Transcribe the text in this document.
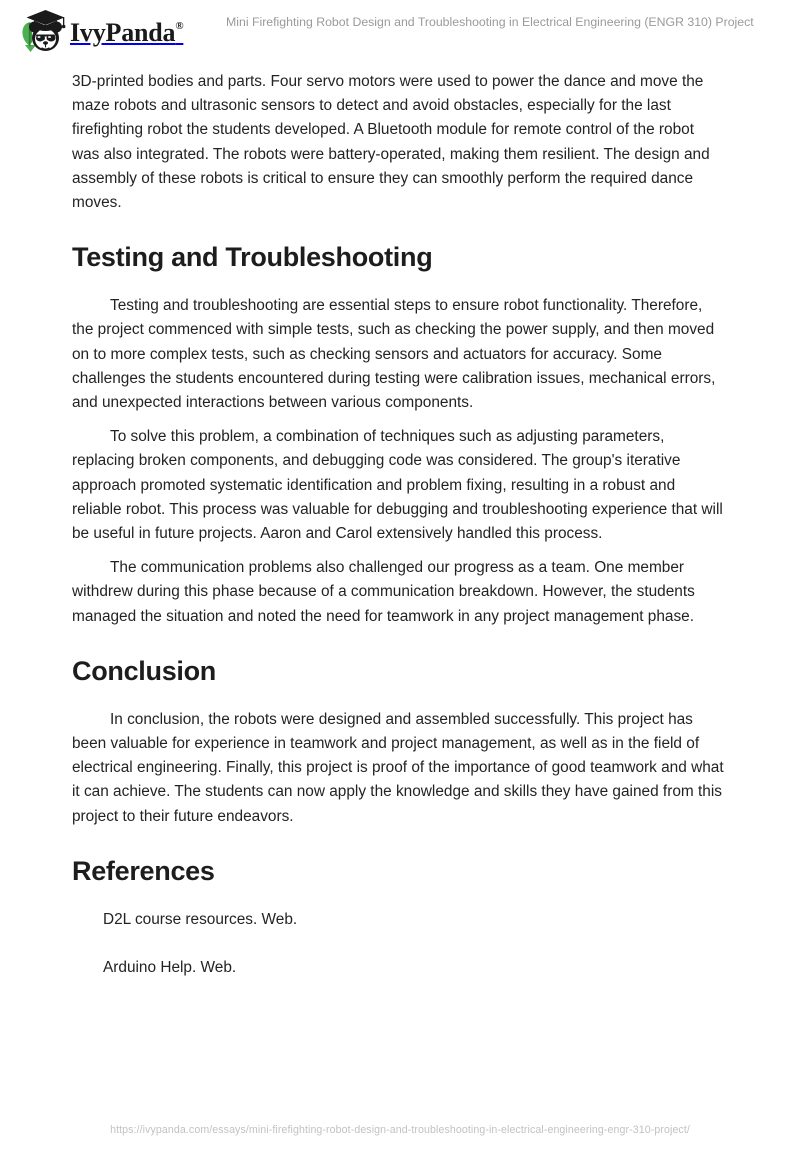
IvyPanda®	Mini Firefighting Robot Design and Troubleshooting in Electrical Engineering (ENGR 310) Project

3D-printed bodies and parts. Four servo motors were used to power the dance and move the maze robots and ultrasonic sensors to detect and avoid obstacles, especially for the last firefighting robot the students developed. A Bluetooth module for remote control of the robot was also integrated. The robots were battery-operated, making them resilient. The design and assembly of these robots is critical to ensure they can smoothly perform the required dance moves.

Testing and Troubleshooting

Testing and troubleshooting are essential steps to ensure robot functionality. Therefore, the project commenced with simple tests, such as checking the power supply, and then moved on to more complex tests, such as checking sensors and actuators for accuracy. Some challenges the students encountered during testing were calibration issues, mechanical errors, and unexpected interactions between various components.

To solve this problem, a combination of techniques such as adjusting parameters, replacing broken components, and debugging code was considered. The group's iterative approach promoted systematic identification and problem fixing, resulting in a robust and reliable robot. This process was valuable for debugging and troubleshooting experience that will be useful in future projects. Aaron and Carol extensively handled this process.

The communication problems also challenged our progress as a team. One member withdrew during this phase because of a communication breakdown. However, the students managed the situation and noted the need for teamwork in any project management phase.

Conclusion

In conclusion, the robots were designed and assembled successfully. This project has been valuable for experience in teamwork and project management, as well as in the field of electrical engineering. Finally, this project is proof of the importance of good teamwork and what it can achieve. The students can now apply the knowledge and skills they have gained from this project to their future endeavors.

References
D2L course resources. Web.
Arduino Help. Web.
https://ivypanda.com/essays/mini-firefighting-robot-design-and-troubleshooting-in-electrical-engineering-engr-310-project/
